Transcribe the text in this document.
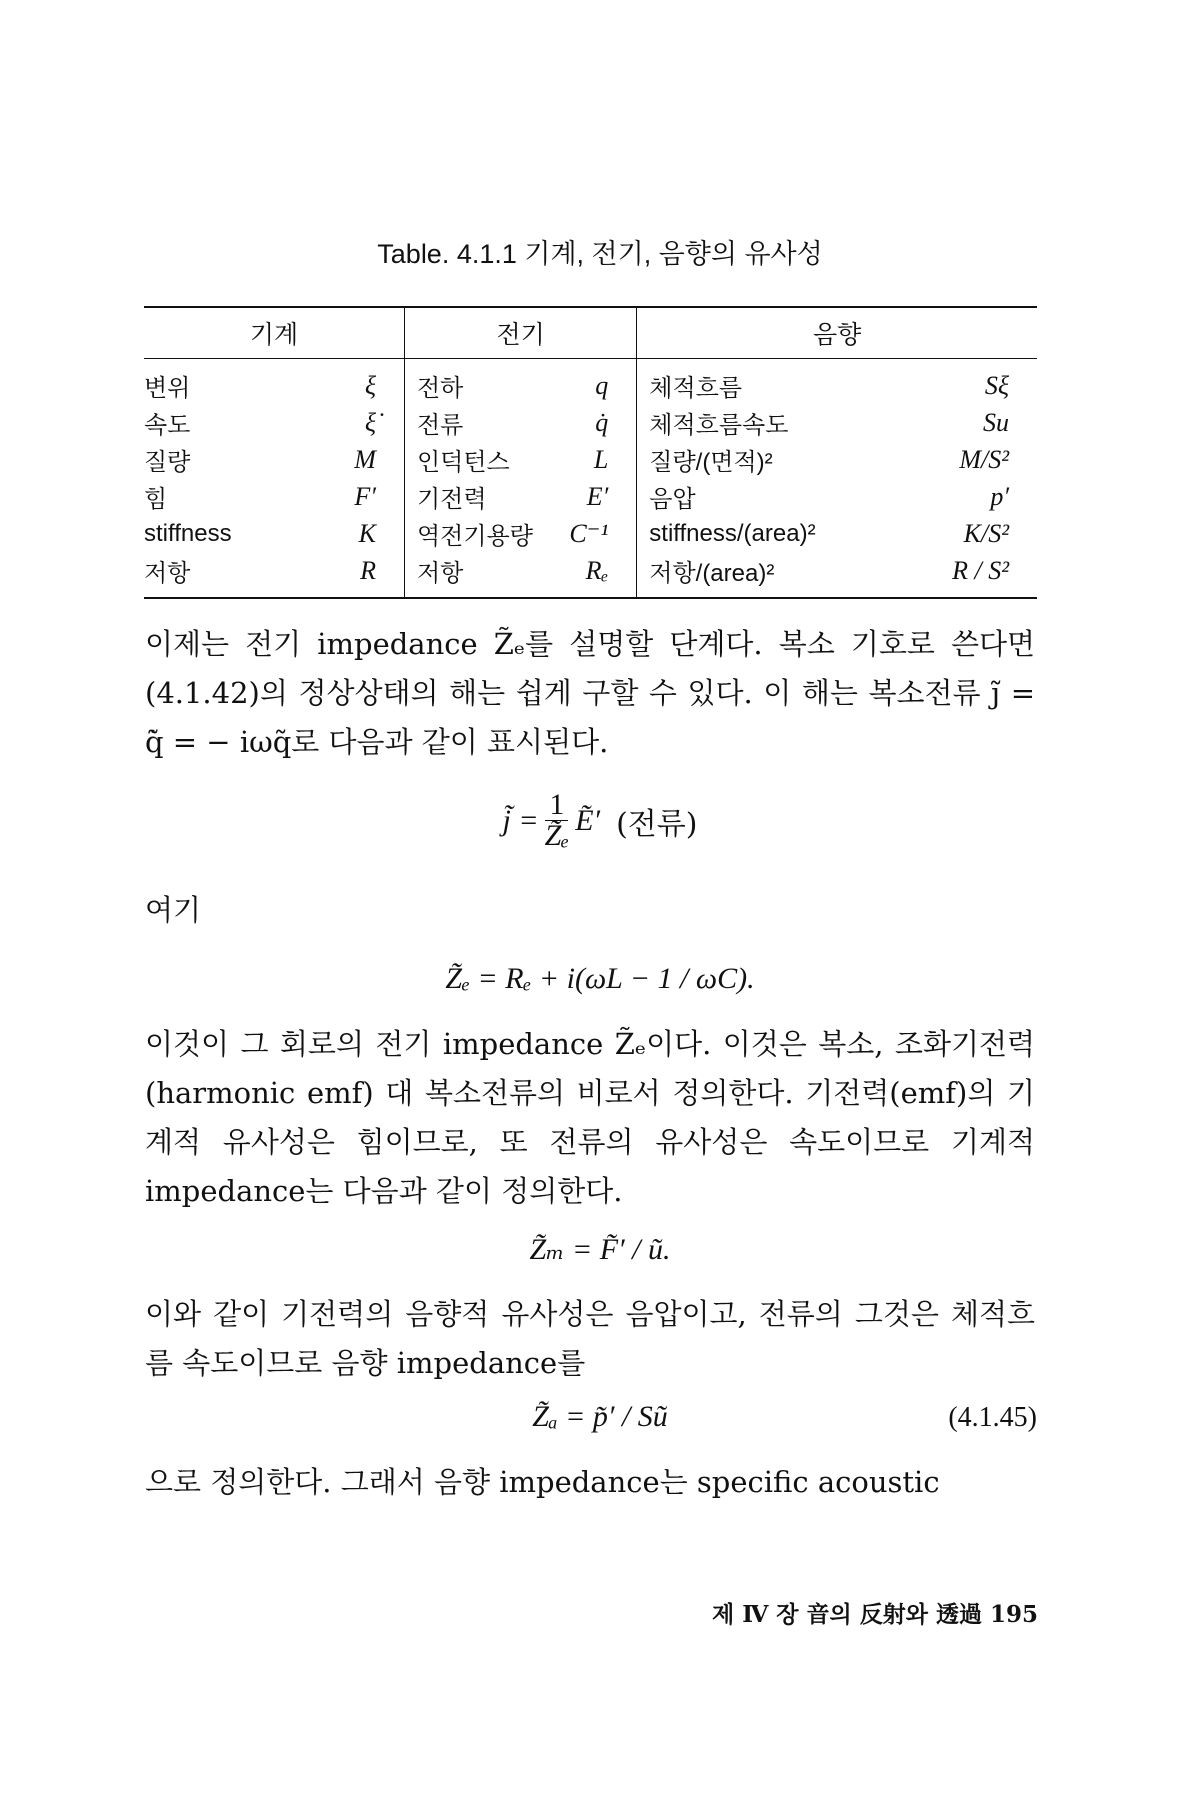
Table. 4.1.1 기계, 전기, 음향의 유사성
기계		전기		음향	
변위	ξ	전하	q	체적흐름	Sξ
속도	ξ̇	전류	q̇	체적흐름속도	Su
질량	M	인덕턴스	L	질량/(면적)²	M/S²
힘	F′	기전력	E′	음압	p′
stiffness	K	역전기용량	C⁻¹	stiffness/(area)²	K/S²
저항	R	저항	Rₑ	저항/(area)²	R / S²

이제는 전기 impedance Z̃ₑ를 설명할 단계다. 복소 기호로 쓴다면 (4.1.42)의 정상상태의 해는 쉽게 구할 수 있다. 이 해는 복소전류 j̃ = q̃̇ = − iωq̃로 다음과 같이 표시된다.

j̃ = $\frac{1}{\text{Z̃ₑ}}$ Ẽ′ (전류)
여기
Z̃ₑ = Rₑ + i(ωL − 1 / ωC).

이것이 그 회로의 전기 impedance Z̃ₑ이다. 이것은 복소, 조화기전력(harmonic emf) 대 복소전류의 비로서 정의한다. 기전력(emf)의 기계적 유사성은 힘이므로, 또 전류의 유사성은 속도이므로 기계적 impedance는 다음과 같이 정의한다.

Z̃ₘ = F̃′ / ũ.

이와 같이 기전력의 음향적 유사성은 음압이고, 전류의 그것은 체적흐름 속도이므로 음향 impedance를

Z̃ₐ = p̃′ / Sũ	(4.1.45)

으로 정의한다. 그래서 음향 impedance는 specific acoustic

제 Ⅳ 장 音의 反射와 透過 195
